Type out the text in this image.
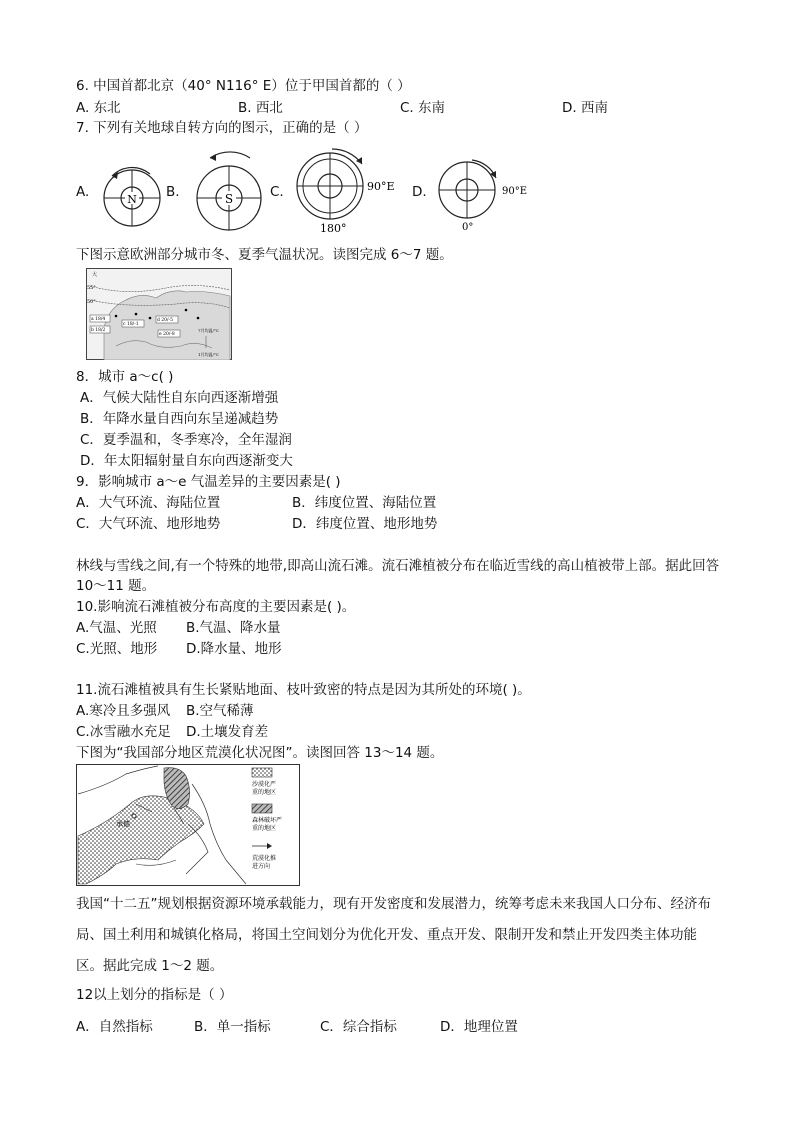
6. 中国首都北京（40° N116° E）位于甲国首都的（ ）
A. 东北	B. 西北	C. 东南	D. 西南
7. 下列有关地球自转方向的图示，正确的是（ ）
A.	B.	C.	D.
N	S
90°E
180°
90°E
0°
下图示意欧洲部分城市冬、夏季气温状况。读图完成 6～7 题。
55°
50°
大
a 18/4
b 18/2
c 18/-1
d 20/-5
e 20/-8
7月均温/°C
1月均温/°C
8．城市 a～c( )
A．气候大陆性自东向西逐渐增强
B．年降水量自西向东呈递减趋势
C．夏季温和，冬季寒冷，全年湿润
D．年太阳辐射量自东向西逐渐变大
9．影响城市 a～e 气温差异的主要因素是( )
A．大气环流、海陆位置	B．纬度位置、海陆位置
C．大气环流、地形地势	D．纬度位置、地形地势
林线与雪线之间,有一个特殊的地带,即高山流石滩。流石滩植被分布在临近雪线的高山植被带上部。据此回答 10～11 题。
10.影响流石滩植被分布高度的主要因素是( )。
A.气温、光照 B.气温、降水量
C.光照、地形 D.降水量、地形
11.流石滩植被具有生长紧贴地面、枝叶致密的特点是因为其所处的环境( )。
A.寒冷且多强风 B.空气稀薄
C.冰雪融水充足 D.土壤发育差
下图为“我国部分地区荒漠化状况图”。读图回答 13～14 题。
承德
沙漠化严
重的地区
森林破坏严
重的地区
荒漠化推
进方向
我国“十二五”规划根据资源环境承载能力，现有开发密度和发展潜力，统筹考虑未来我国人口分布、经济布局、国土利用和城镇化格局，将国土空间划分为优化开发、重点开发、限制开发和禁止开发四类主体功能区。据此完成 1～2 题。
12以上划分的指标是（ ）
A．自然指标	B．单一指标	C．综合指标	D．地理位置
